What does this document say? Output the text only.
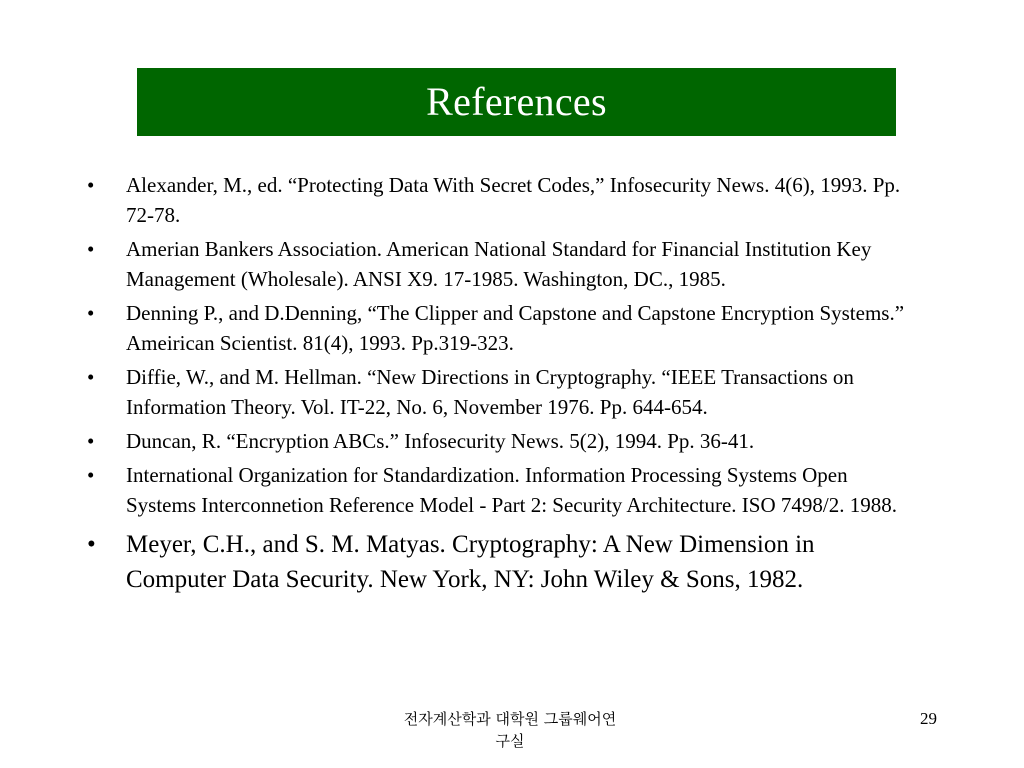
References
• Alexander, M., ed. “Protecting Data With Secret Codes,” Infosecurity News. 4(6), 1993. Pp. 72-78.
• Amerian Bankers Association. American National Standard for Financial Institution Key Management (Wholesale). ANSI X9. 17-1985. Washington, DC., 1985.
• Denning P., and D.Denning, “The Clipper and Capstone and Capstone Encryption Systems.” Ameirican Scientist. 81(4), 1993. Pp.319-323.
• Diffie, W., and M. Hellman. “New Directions in Cryptography. “IEEE Transactions on Information Theory. Vol. IT-22, No. 6, November 1976. Pp. 644-654.
• Duncan, R. “Encryption ABCs.” Infosecurity News. 5(2), 1994. Pp. 36-41.
• International Organization for Standardization. Information Processing Systems Open Systems Interconnetion Reference Model - Part 2: Security Architecture. ISO 7498/2. 1988.
• Meyer, C.H., and S. M. Matyas. Cryptography: A New Dimension in Computer Data Security. New York, NY: John Wiley & Sons, 1982.
전자계산학과 대학원 그룹웨어연
구실
29
